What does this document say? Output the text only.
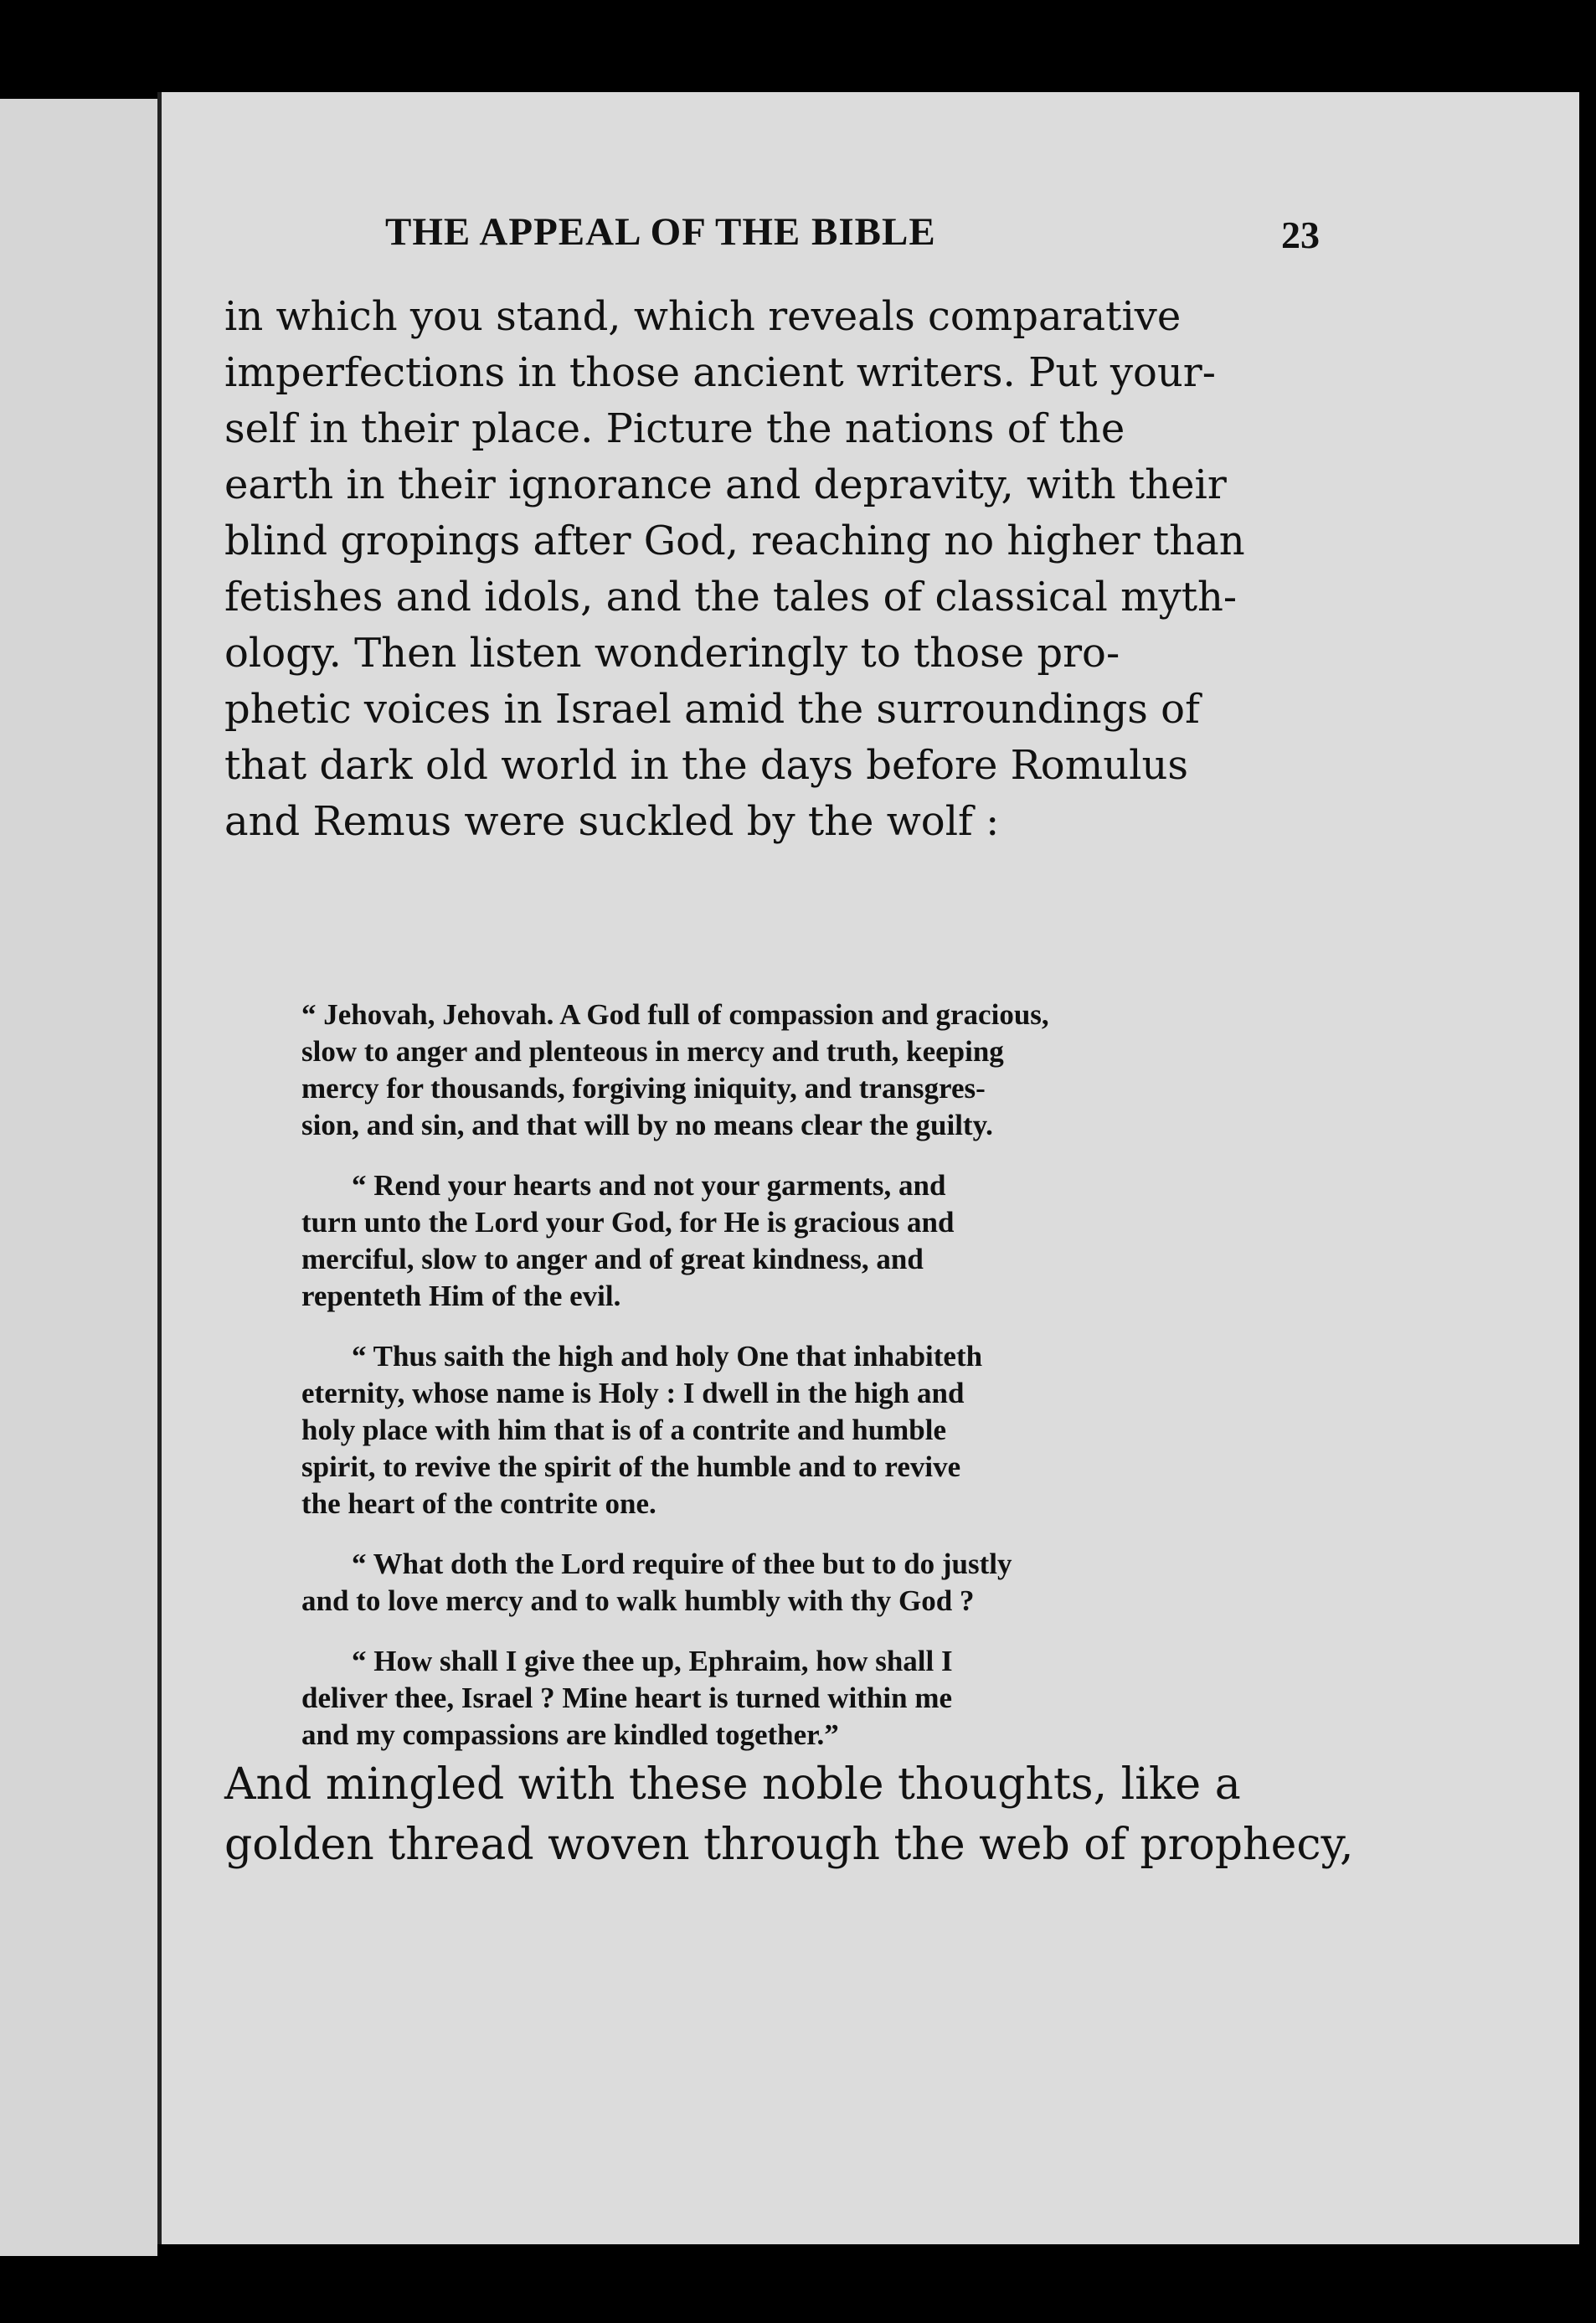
THE APPEAL OF THE BIBLE	23
in which you stand, which reveals comparative
imperfections in those ancient writers. Put your-
self in their place. Picture the nations of the
earth in their ignorance and depravity, with their
blind gropings after God, reaching no higher than
fetishes and idols, and the tales of classical myth-
ology. Then listen wonderingly to those pro-
phetic voices in Israel amid the surroundings of
that dark old world in the days before Romulus
and Remus were suckled by the wolf :
“ Jehovah, Jehovah. A God full of compassion and gracious,
slow to anger and plenteous in mercy and truth, keeping
mercy for thousands, forgiving iniquity, and transgres-
sion, and sin, and that will by no means clear the guilty.
“ Rend your hearts and not your garments, and
turn unto the Lord your God, for He is gracious and
merciful, slow to anger and of great kindness, and
repenteth Him of the evil.
“ Thus saith the high and holy One that inhabiteth
eternity, whose name is Holy : I dwell in the high and
holy place with him that is of a contrite and humble
spirit, to revive the spirit of the humble and to revive
the heart of the contrite one.
“ What doth the Lord require of thee but to do justly
and to love mercy and to walk humbly with thy God ?
“ How shall I give thee up, Ephraim, how shall I
deliver thee, Israel ? Mine heart is turned within me
and my compassions are kindled together.”
And mingled with these noble thoughts, like a
golden thread woven through the web of prophecy,
